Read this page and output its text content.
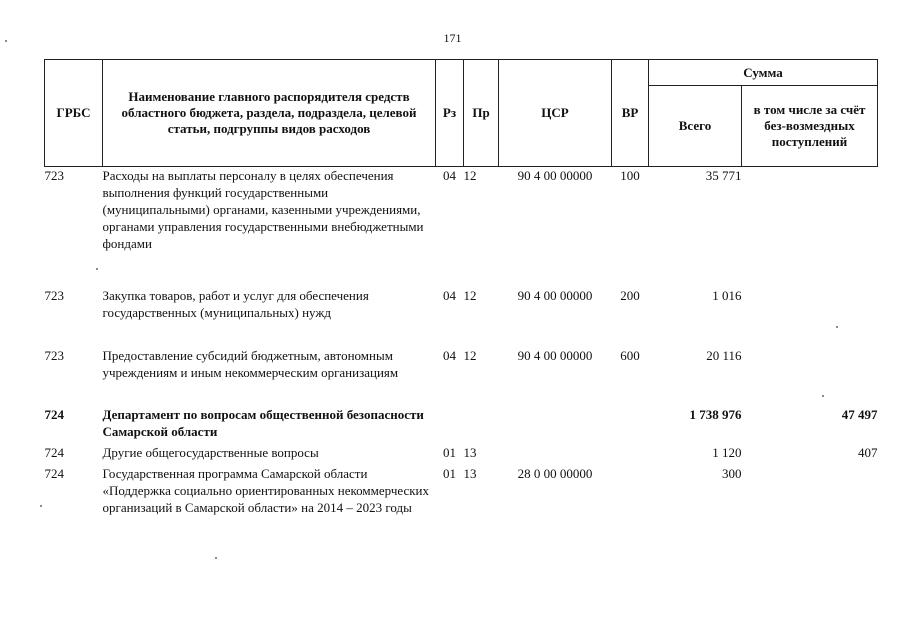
171
ГРБС	Наименование главного распорядителя средств областного бюджета, раздела, подраздела, целевой статьи, подгруппы видов расходов	Рз	Пр	ЦСР	ВР	Сумма	
						Всего	в том числе за счёт без-возмездных поступлений
723	Расходы на выплаты персоналу в целях обеспечения выполнения функций государственными (муниципальными) органами, казенными учреждениями, органами управления государственными внебюджетными фондами	04	12	90 4 00 00000	100	35 771	
723	Закупка товаров, работ и услуг для обеспечения государственных (муниципальных) нужд	04	12	90 4 00 00000	200	1 016	
723	Предоставление субсидий бюджетным, автономным учреждениям и иным некоммерческим организациям	04	12	90 4 00 00000	600	20 116	
724	Департамент по вопросам общественной безопасности Самарской области					1 738 976	47 497
724	Другие общегосударственные вопросы	01	13			1 120	407
724	Государственная программа Самарской области «Поддержка социально ориентированных некоммерческих организаций в Самарской области» на 2014 – 2023 годы	01	13	28 0 00 00000		300	
